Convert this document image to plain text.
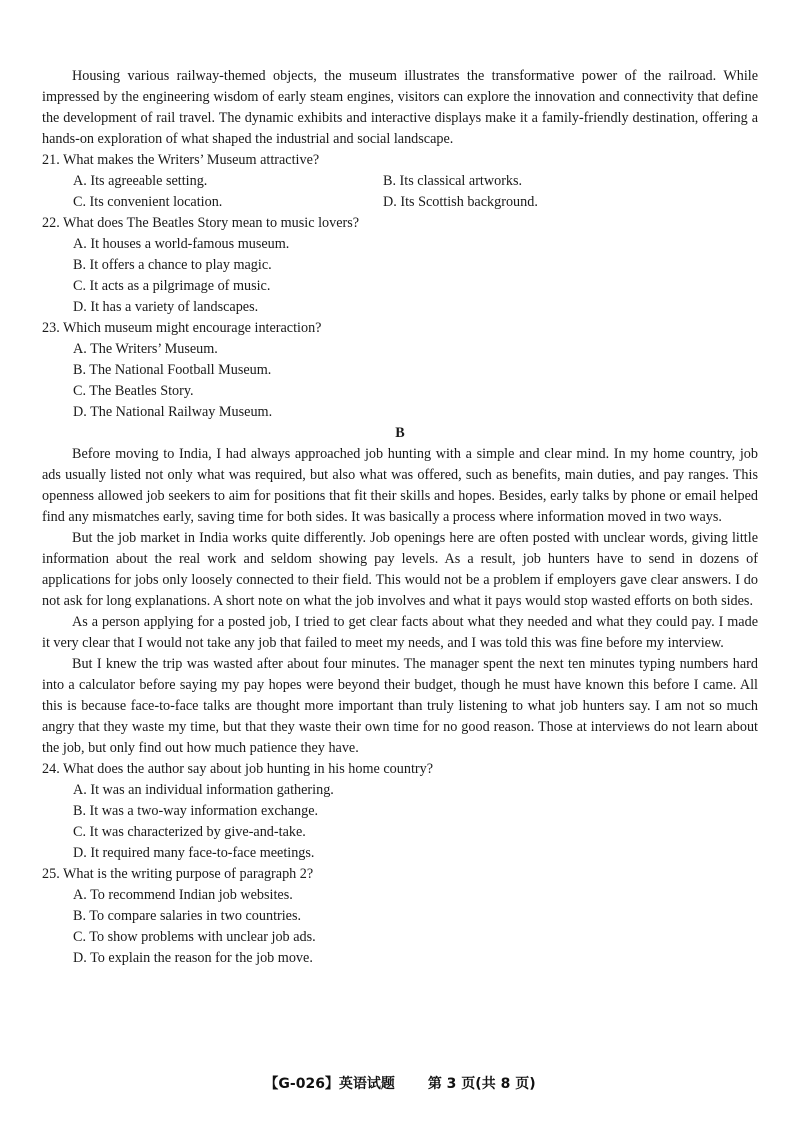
Housing various railway-themed objects, the museum illustrates the transformative power of the railroad. While impressed by the engineering wisdom of early steam engines, visitors can explore the innovation and connectivity that define the development of rail travel. The dynamic exhibits and interactive displays make it a family-friendly destination, offering a hands-on exploration of what shaped the industrial and social landscape.

21. What makes the Writers’ Museum attractive?

A. Its agreeable setting.	B. Its classical artworks.
C. Its convenient location.	D. Its Scottish background.

22. What does The Beatles Story mean to music lovers?

A. It houses a world-famous museum.

B. It offers a chance to play magic.

C. It acts as a pilgrimage of music.

D. It has a variety of landscapes.

23. Which museum might encourage interaction?

A. The Writers’ Museum.

B. The National Football Museum.

C. The Beatles Story.

D. The National Railway Museum.

B

Before moving to India, I had always approached job hunting with a simple and clear mind. In my home country, job ads usually listed not only what was required, but also what was offered, such as benefits, main duties, and pay ranges. This openness allowed job seekers to aim for positions that fit their skills and hopes. Besides, early talks by phone or email helped find any mismatches early, saving time for both sides. It was basically a process where information moved in two ways.

But the job market in India works quite differently. Job openings here are often posted with unclear words, giving little information about the real work and seldom showing pay levels. As a result, job hunters have to send in dozens of applications for jobs only loosely connected to their field. This would not be a problem if employers gave clear answers. I do not ask for long explanations. A short note on what the job involves and what it pays would stop wasted efforts on both sides.

As a person applying for a posted job, I tried to get clear facts about what they needed and what they could pay. I made it very clear that I would not take any job that failed to meet my needs, and I was told this was fine before my interview.

But I knew the trip was wasted after about four minutes. The manager spent the next ten minutes typing numbers hard into a calculator before saying my pay hopes were beyond their budget, though he must have known this before I came. All this is because face-to-face talks are thought more important than truly listening to what job hunters say. I am not so much angry that they waste my time, but that they waste their own time for no good reason. Those at interviews do not learn about the job, but only find out how much patience they have.

24. What does the author say about job hunting in his home country?

A. It was an individual information gathering.

B. It was a two-way information exchange.

C. It was characterized by give-and-take.

D. It required many face-to-face meetings.

25. What is the writing purpose of paragraph 2?

A. To recommend Indian job websites.

B. To compare salaries in two countries.

C. To show problems with unclear job ads.

D. To explain the reason for the job move.

【G-026】英语试题 第 3 页(共 8 页)
